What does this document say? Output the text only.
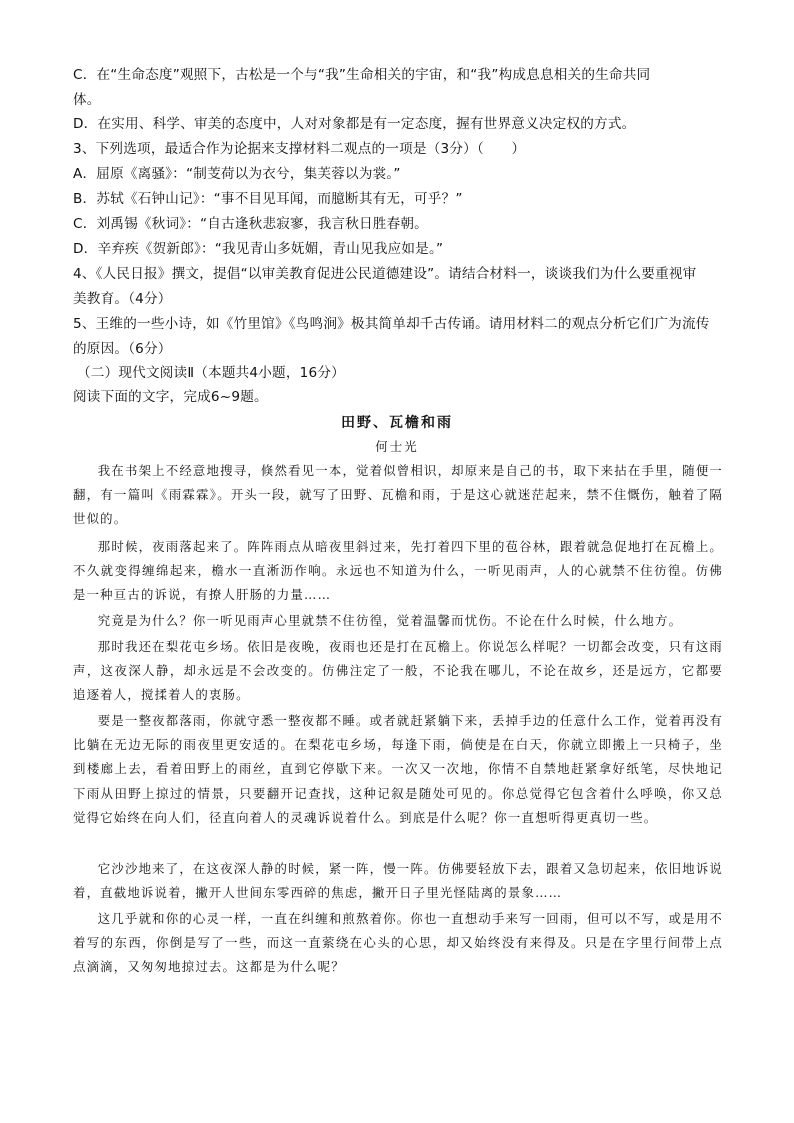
C．在“生命态度”观照下，古松是一个与“我”生命相关的宇宙，和“我”构成息息相关的生命共同
体。
D．在实用、科学、审美的态度中，人对对象都是有一定态度，握有世界意义决定权的方式。
3、下列选项，最适合作为论据来支撑材料二观点的一项是（3分）（　　）
A．屈原《离骚》：“制芰荷以为衣兮，集芙蓉以为裳。”
B．苏轼《石钟山记》：“事不目见耳闻，而臆断其有无，可乎？”
C．刘禹锡《秋词》：“自古逢秋悲寂寥，我言秋日胜春朝。
D．辛弃疾《贺新郎》：“我见青山多妩媚，青山见我应如是。”
4、《人民日报》撰文，提倡“以审美教育促进公民道德建设”。请结合材料一，谈谈我们为什么要重视审
美教育。（4分）
5、王维的一些小诗，如《竹里馆》《鸟鸣涧》极其简单却千古传诵。请用材料二的观点分析它们广为流传
的原因。（6分）
（二）现代文阅读Ⅱ（本题共4小题，16分）
阅读下面的文字，完成6~9题。
田野、瓦檐和雨
何士光

我在书架上不经意地搜寻，倏然看见一本，觉着似曾相识，却原来是自己的书，取下来拈在手里，随便一翻，有一篇叫《雨霖霖》。开头一段，就写了田野、瓦檐和雨，于是这心就迷茫起来，禁不住慨伤，触着了隔世似的。

那时候，夜雨落起来了。阵阵雨点从暗夜里斜过来，先打着四下里的苞谷林，跟着就急促地打在瓦檐上。不久就变得缠绵起来，檐水一直淅沥作响。永远也不知道为什么，一听见雨声，人的心就禁不住彷徨。仿佛是一种亘古的诉说，有撩人肝肠的力量……

究竟是为什么？你一听见雨声心里就禁不住彷徨，觉着温馨而忧伤。不论在什么时候，什么地方。

那时我还在梨花屯乡场。依旧是夜晚，夜雨也还是打在瓦檐上。你说怎么样呢？一切都会改变，只有这雨声，这夜深人静，却永远是不会改变的。仿佛注定了一般，不论我在哪儿，不论在故乡，还是远方，它都要追逐着人，搅揉着人的衷肠。

要是一整夜都落雨，你就守悉一整夜都不睡。或者就赶紧躺下来，丢掉手边的任意什么工作，觉着再没有比躺在无边无际的雨夜里更安适的。在梨花屯乡场，每逢下雨，倘使是在白天，你就立即搬上一只椅子，坐到楼廊上去，看着田野上的雨丝，直到它停歇下来。一次又一次地，你情不自禁地赶紧拿好纸笔，尽快地记下雨从田野上掠过的情景，只要翻开记查找，这种记叙是随处可见的。你总觉得它包含着什么呼唤，你又总觉得它始终在向人们，径直向着人的灵魂诉说着什么。到底是什么呢？你一直想听得更真切一些。

它沙沙地来了，在这夜深人静的时候，紧一阵，慢一阵。仿佛要轻放下去，跟着又急切起来，依旧地诉说着，直截地诉说着，撇开人世间东零西碎的焦虑，撇开日子里光怪陆离的景象……

这几乎就和你的心灵一样，一直在纠缠和煎熬着你。你也一直想动手来写一回雨，但可以不写，或是用不着写的东西，你倒是写了一些，而这一直萦绕在心头的心思，却又始终没有来得及。只是在字里行间带上点点滴滴，又匆匆地掠过去。这都是为什么呢？
